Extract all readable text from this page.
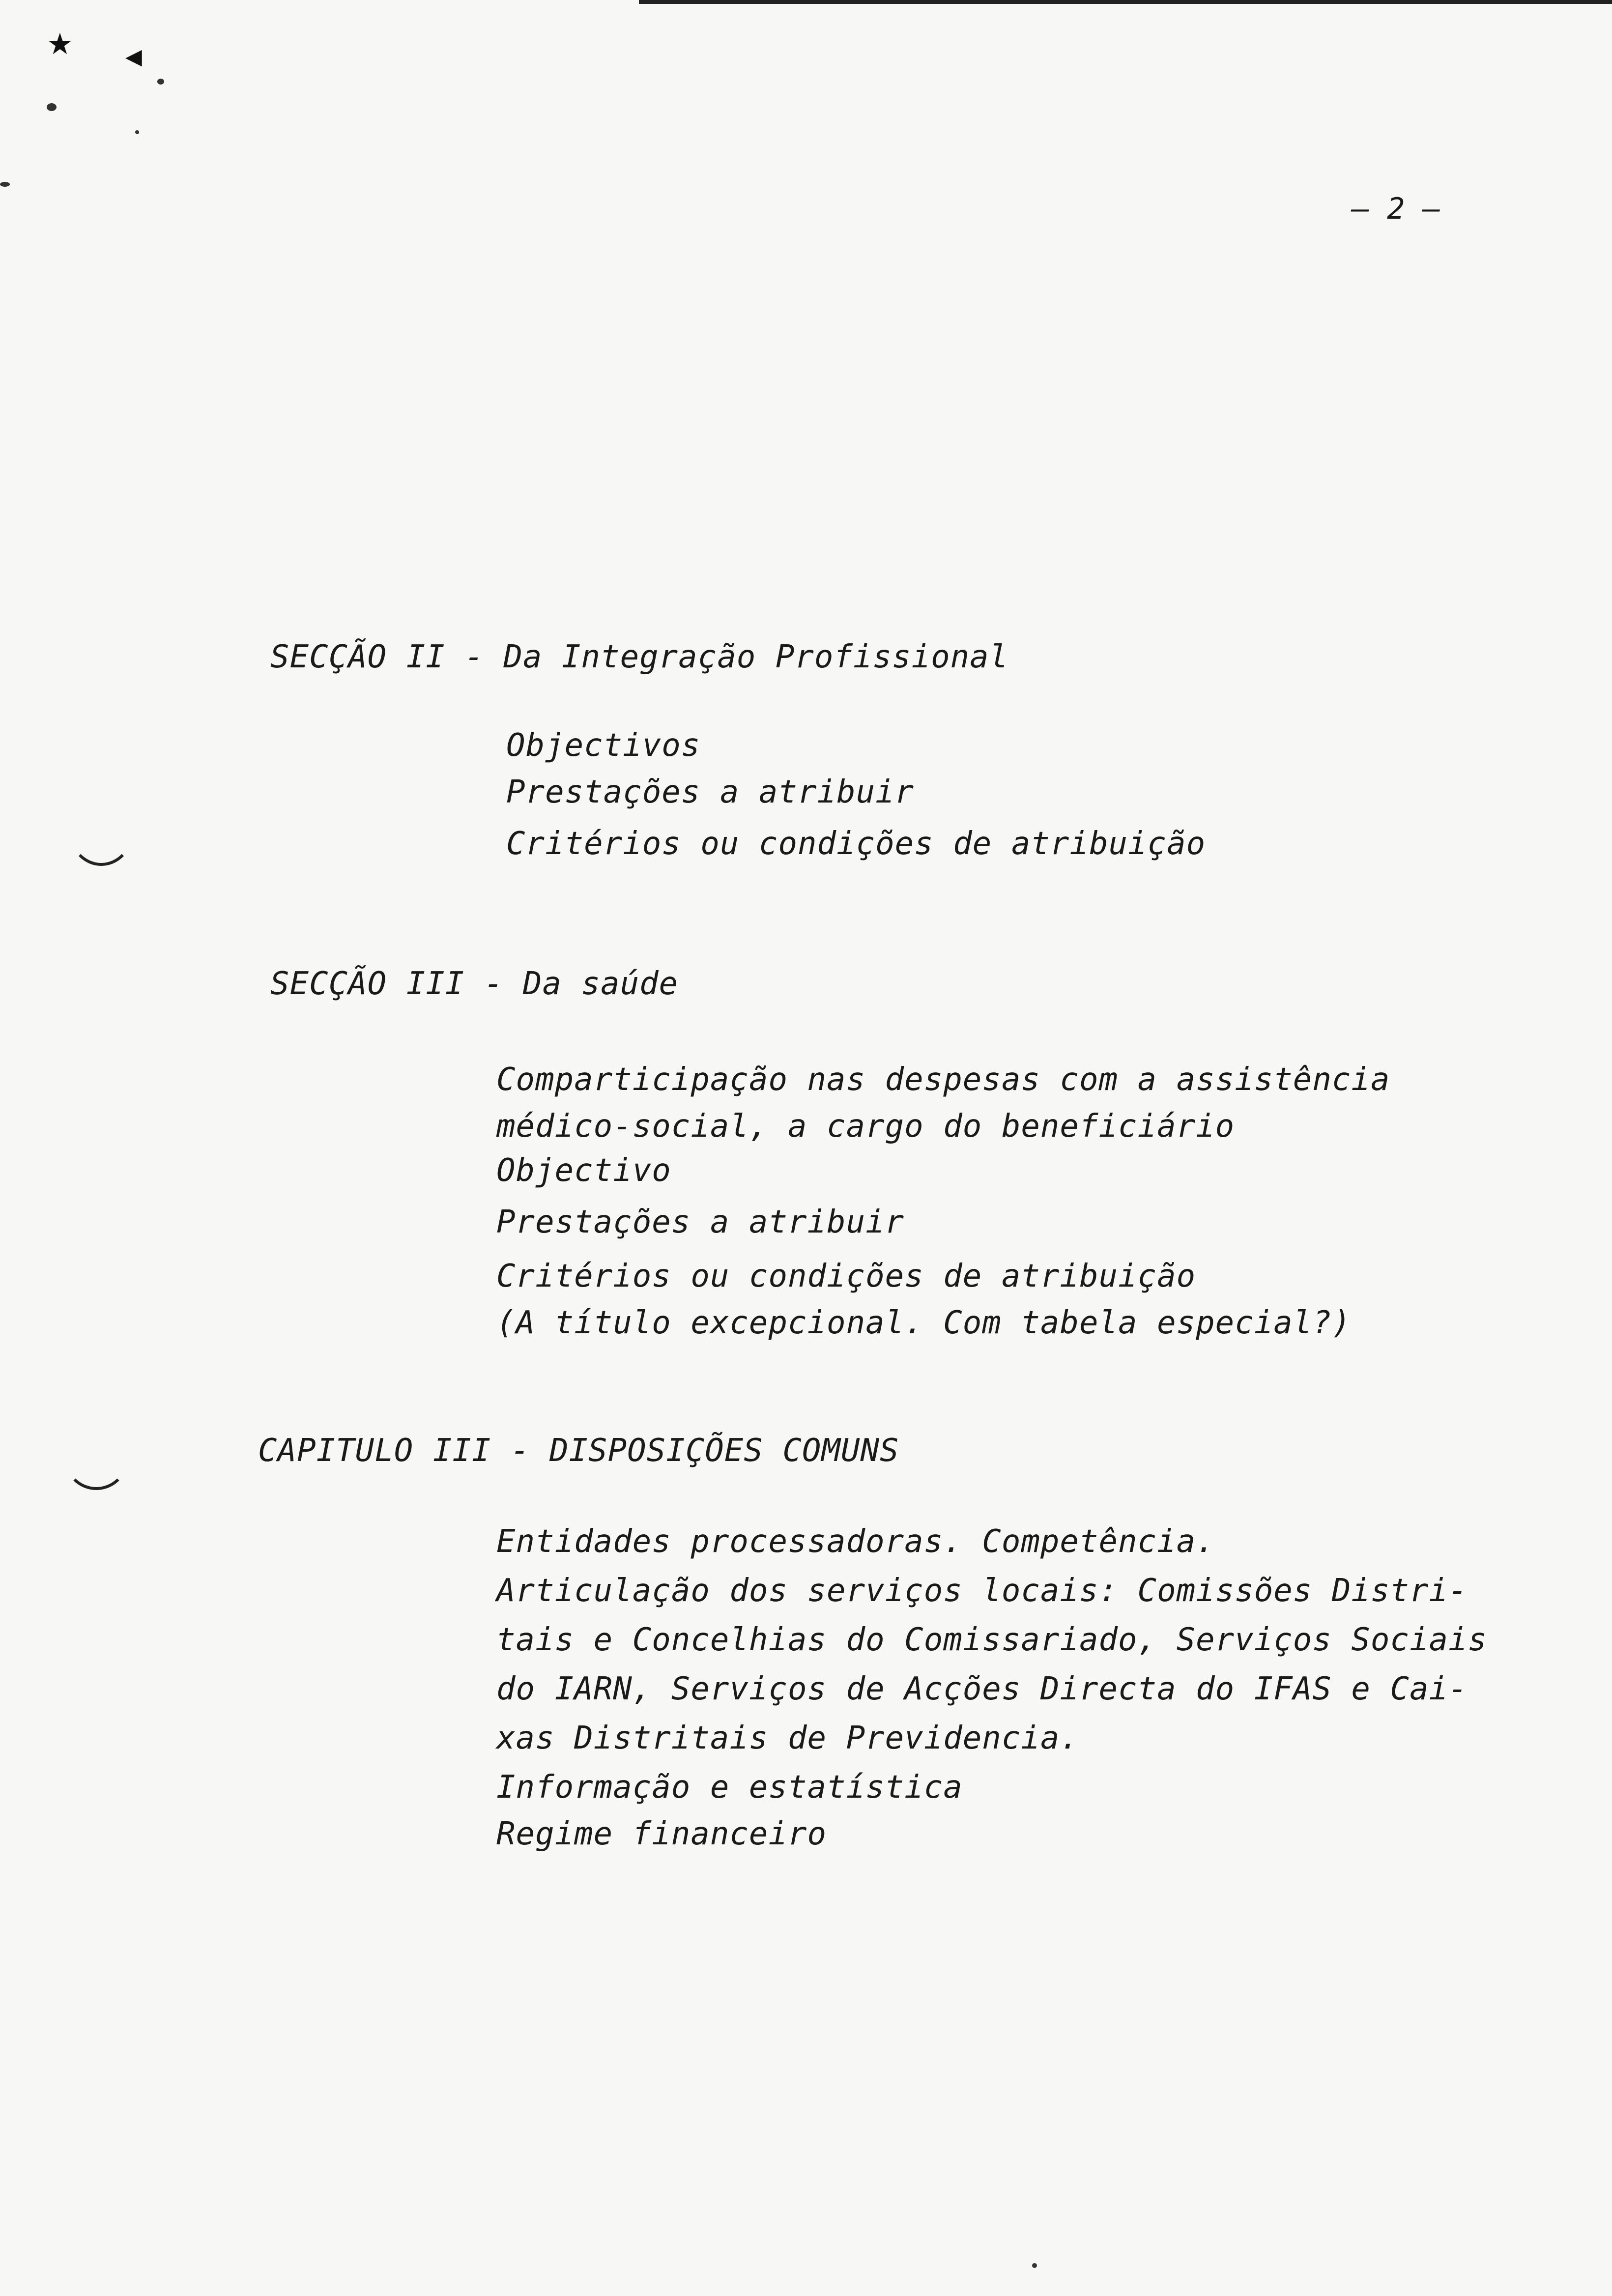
★ ◀
— 2 —
SECÇÃO II - Da Integração Profissional
Objectivos
Prestações a atribuir
Critérios ou condições de atribuição
SECÇÃO III - Da saúde
Comparticipação nas despesas com a assistência
médico-social, a cargo do beneficiário
Objectivo
Prestações a atribuir
Critérios ou condições de atribuição
(A título excepcional. Com tabela especial?)
CAPITULO III - DISPOSIÇÕES COMUNS
Entidades processadoras. Competência.
Articulação dos serviços locais: Comissões Distri-
tais e Concelhias do Comissariado, Serviços Sociais
do IARN, Serviços de Acções Directa do IFAS e Cai-
xas Distritais de Previdencia.
Informação e estatística
Regime financeiro
